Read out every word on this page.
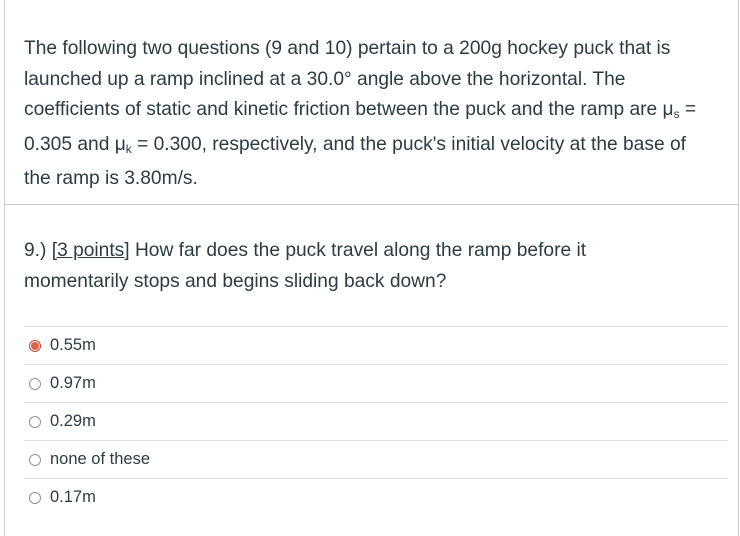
The following two questions (9 and 10) pertain to a 200g hockey puck that is
launched up a ramp inclined at a 30.0° angle above the horizontal. The
coefficients of static and kinetic friction between the puck and the ramp are $\mu_s$ =
0.305 and $\mu_k = 0.300$, respectively, and the puck's initial velocity at the base of
the ramp is 3.80m/s.
9.) [3 points] How far does the puck travel along the ramp before it
momentarily stops and begins sliding back down?
0.55m
0.97m
0.29m
none of these
0.17m
